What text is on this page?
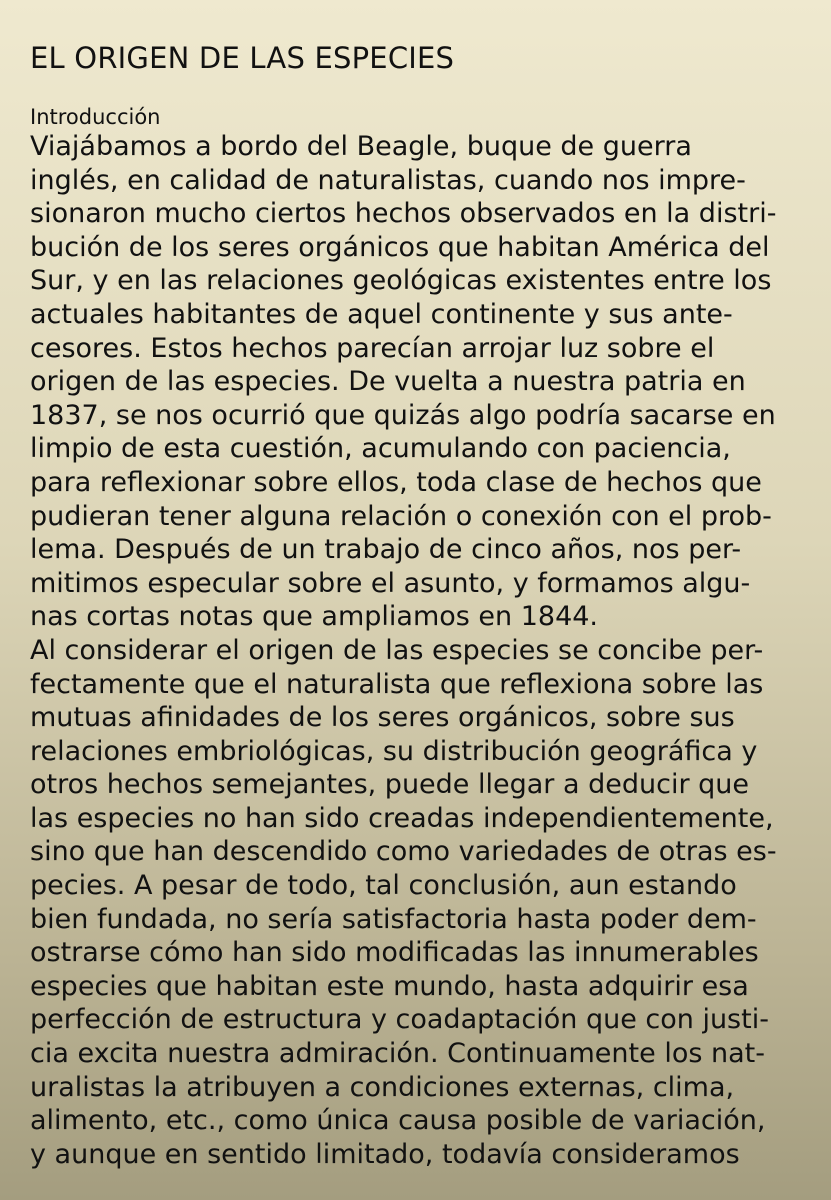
EL ORIGEN DE LAS ESPECIES
Introducción
Viajábamos a bordo del Beagle, buque de guerra
inglés, en calidad de naturalistas, cuando nos impre-
sionaron mucho ciertos hechos observados en la distri-
bución de los seres orgánicos que habitan América del
Sur, y en las relaciones geológicas existentes entre los
actuales habitantes de aquel continente y sus ante-
cesores. Estos hechos parecían arrojar luz sobre el
origen de las especies. De vuelta a nuestra patria en
1837, se nos ocurrió que quizás algo podría sacarse en
limpio de esta cuestión, acumulando con paciencia,
para reflexionar sobre ellos, toda clase de hechos que
pudieran tener alguna relación o conexión con el prob-
lema. Después de un trabajo de cinco años, nos per-
mitimos especular sobre el asunto, y formamos algu-
nas cortas notas que ampliamos en 1844.
Al considerar el origen de las especies se concibe per-
fectamente que el naturalista que reflexiona sobre las
mutuas afinidades de los seres orgánicos, sobre sus
relaciones embriológicas, su distribución geográfica y
otros hechos semejantes, puede llegar a deducir que
las especies no han sido creadas independientemente,
sino que han descendido como variedades de otras es-
pecies. A pesar de todo, tal conclusión, aun estando
bien fundada, no sería satisfactoria hasta poder dem-
ostrarse cómo han sido modificadas las innumerables
especies que habitan este mundo, hasta adquirir esa
perfección de estructura y coadaptación que con justi-
cia excita nuestra admiración. Continuamente los nat-
uralistas la atribuyen a condiciones externas, clima,
alimento, etc., como única causa posible de variación,
y aunque en sentido limitado, todavía consideramos
